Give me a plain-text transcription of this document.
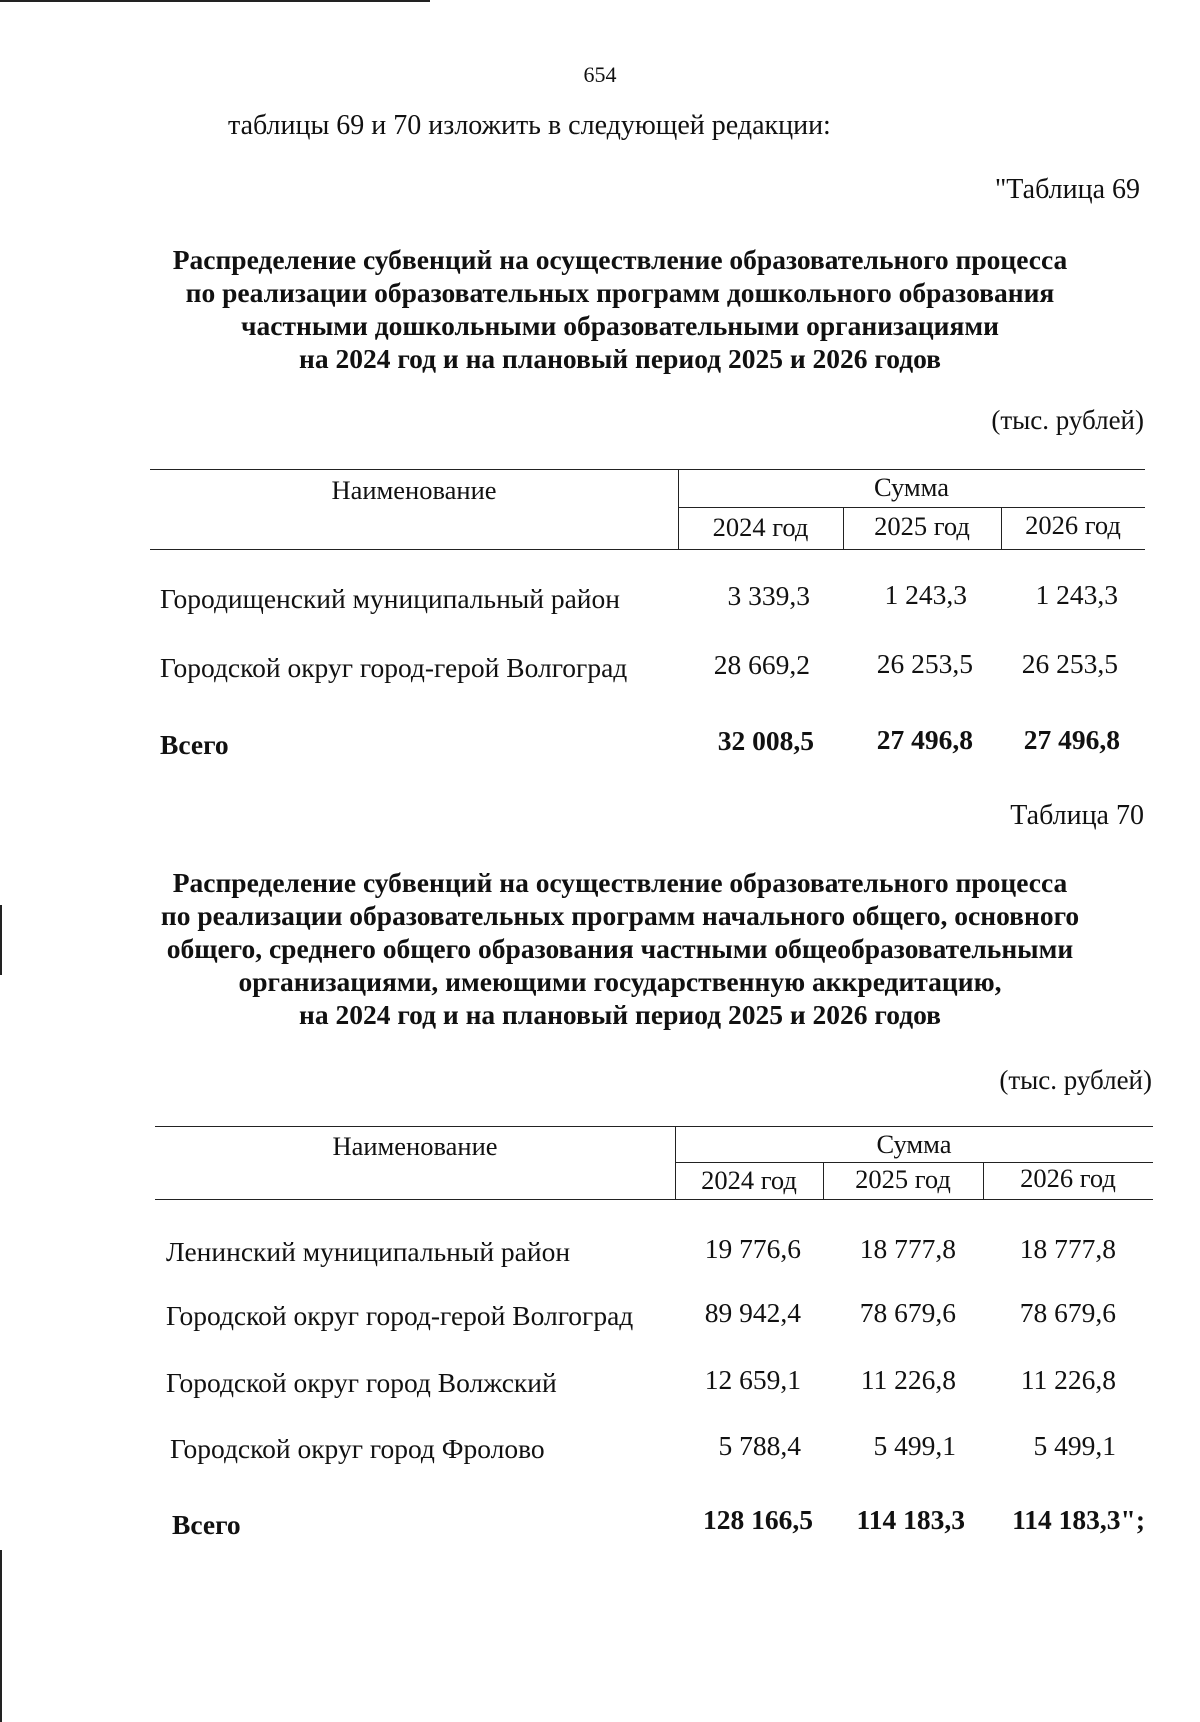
654
таблицы 69 и 70 изложить в следующей редакции:
"Таблица 69
Распределение субвенций на осуществление образовательного процесса
по реализации образовательных программ дошкольного образования
частными дошкольными образовательными организациями
на 2024 год и на плановый период 2025 и 2026 годов
(тыс. рублей)
Наименование	Сумма
2024 год	2025 год	2026 год
Городищенский муниципальный район	3 339,3	1 243,3	1 243,3
Городской округ город-герой Волгоград	28 669,2	26 253,5	26 253,5
Всего	32 008,5	27 496,8	27 496,8
Таблица 70
Распределение субвенций на осуществление образовательного процесса
по реализации образовательных программ начального общего, основного
общего, среднего общего образования частными общеобразовательными
организациями, имеющими государственную аккредитацию,
на 2024 год и на плановый период 2025 и 2026 годов
(тыс. рублей)
Наименование	Сумма
2024 год	2025 год	2026 год
Ленинский муниципальный район	19 776,6	18 777,8	18 777,8
Городской округ город-герой Волгоград	89 942,4	78 679,6	78 679,6
Городской округ город Волжский	12 659,1	11 226,8	11 226,8
Городской округ город Фролово	5 788,4	5 499,1	5 499,1
Всего	128 166,5	114 183,3	114 183,3";
